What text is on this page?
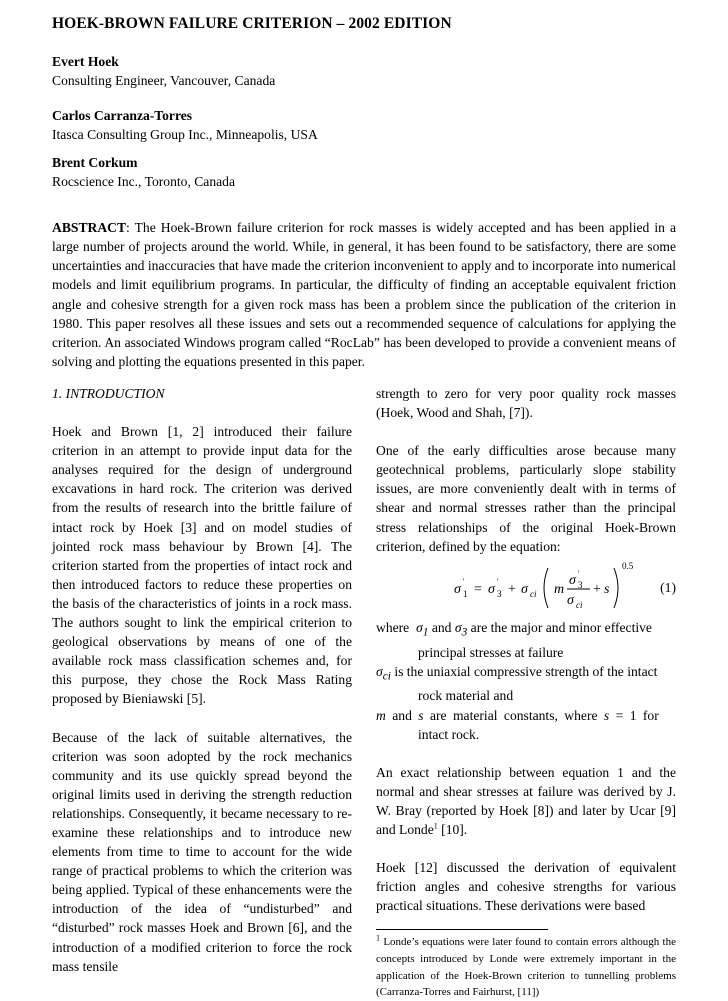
HOEK-BROWN FAILURE CRITERION – 2002 EDITION
Evert Hoek
Consulting Engineer, Vancouver, Canada
Carlos Carranza-Torres
Itasca Consulting Group Inc., Minneapolis, USA
Brent Corkum
Rocscience Inc., Toronto, Canada
ABSTRACT: The Hoek-Brown failure criterion for rock masses is widely accepted and has been applied in a large number of projects around the world. While, in general, it has been found to be satisfactory, there are some uncertainties and inaccuracies that have made the criterion inconvenient to apply and to incorporate into numerical models and limit equilibrium programs. In particular, the difficulty of finding an acceptable equivalent friction angle and cohesive strength for a given rock mass has been a problem since the publication of the criterion in 1980. This paper resolves all these issues and sets out a recommended sequence of calculations for applying the criterion. An associated Windows program called “RocLab” has been developed to provide a convenient means of solving and plotting the equations presented in this paper.

1. INTRODUCTION

Hoek and Brown [1, 2] introduced their failure criterion in an attempt to provide input data for the analyses required for the design of underground excavations in hard rock. The criterion was derived from the results of research into the brittle failure of intact rock by Hoek [3] and on model studies of jointed rock mass behaviour by Brown [4]. The criterion started from the properties of intact rock and then introduced factors to reduce these properties on the basis of the characteristics of joints in a rock mass. The authors sought to link the empirical criterion to geological observations by means of one of the available rock mass classification schemes and, for this purpose, they chose the Rock Mass Rating proposed by Bieniawski [5].

Because of the lack of suitable alternatives, the criterion was soon adopted by the rock mechanics community and its use quickly spread beyond the original limits used in deriving the strength reduction relationships. Consequently, it became necessary to re-examine these relationships and to introduce new elements from time to time to account for the wide range of practical problems to which the criterion was being applied. Typical of these enhancements were the introduction of the idea of “undisturbed” and “disturbed” rock masses Hoek and Brown [6], and the introduction of a modified criterion to force the rock mass tensile

strength to zero for very poor quality rock masses (Hoek, Wood and Shah, [7]).

One of the early difficulties arose because many geotechnical problems, particularly slope stability issues, are more conveniently dealt with in terms of shear and normal stresses rather than the principal stress relationships of the original Hoek-Brown criterion, defined by the equation:

σ
'
1 = σ
'
3 + σ ci m
σ '
3
σ ci
+ s
0.5
(1)

where $\sigma_1$ and $\sigma_3$ are the major and minor effective

principal stresses at failure

$\sigma_{ci}$ is the uniaxial compressive strength of the intact

rock material and

m and s are material constants, where s = 1 for

intact rock.

An exact relationship between equation 1 and the normal and shear stresses at failure was derived by J. W. Bray (reported by Hoek [8]) and later by Ucar [9] and Londe$^1$ [10].

Hoek [12] discussed the derivation of equivalent friction angles and cohesive strengths for various practical situations. These derivations were based

$^1$ Londe’s equations were later found to contain errors although the concepts introduced by Londe were extremely important in the application of the Hoek-Brown criterion to tunnelling problems (Carranza-Torres and Fairhurst, [11])
